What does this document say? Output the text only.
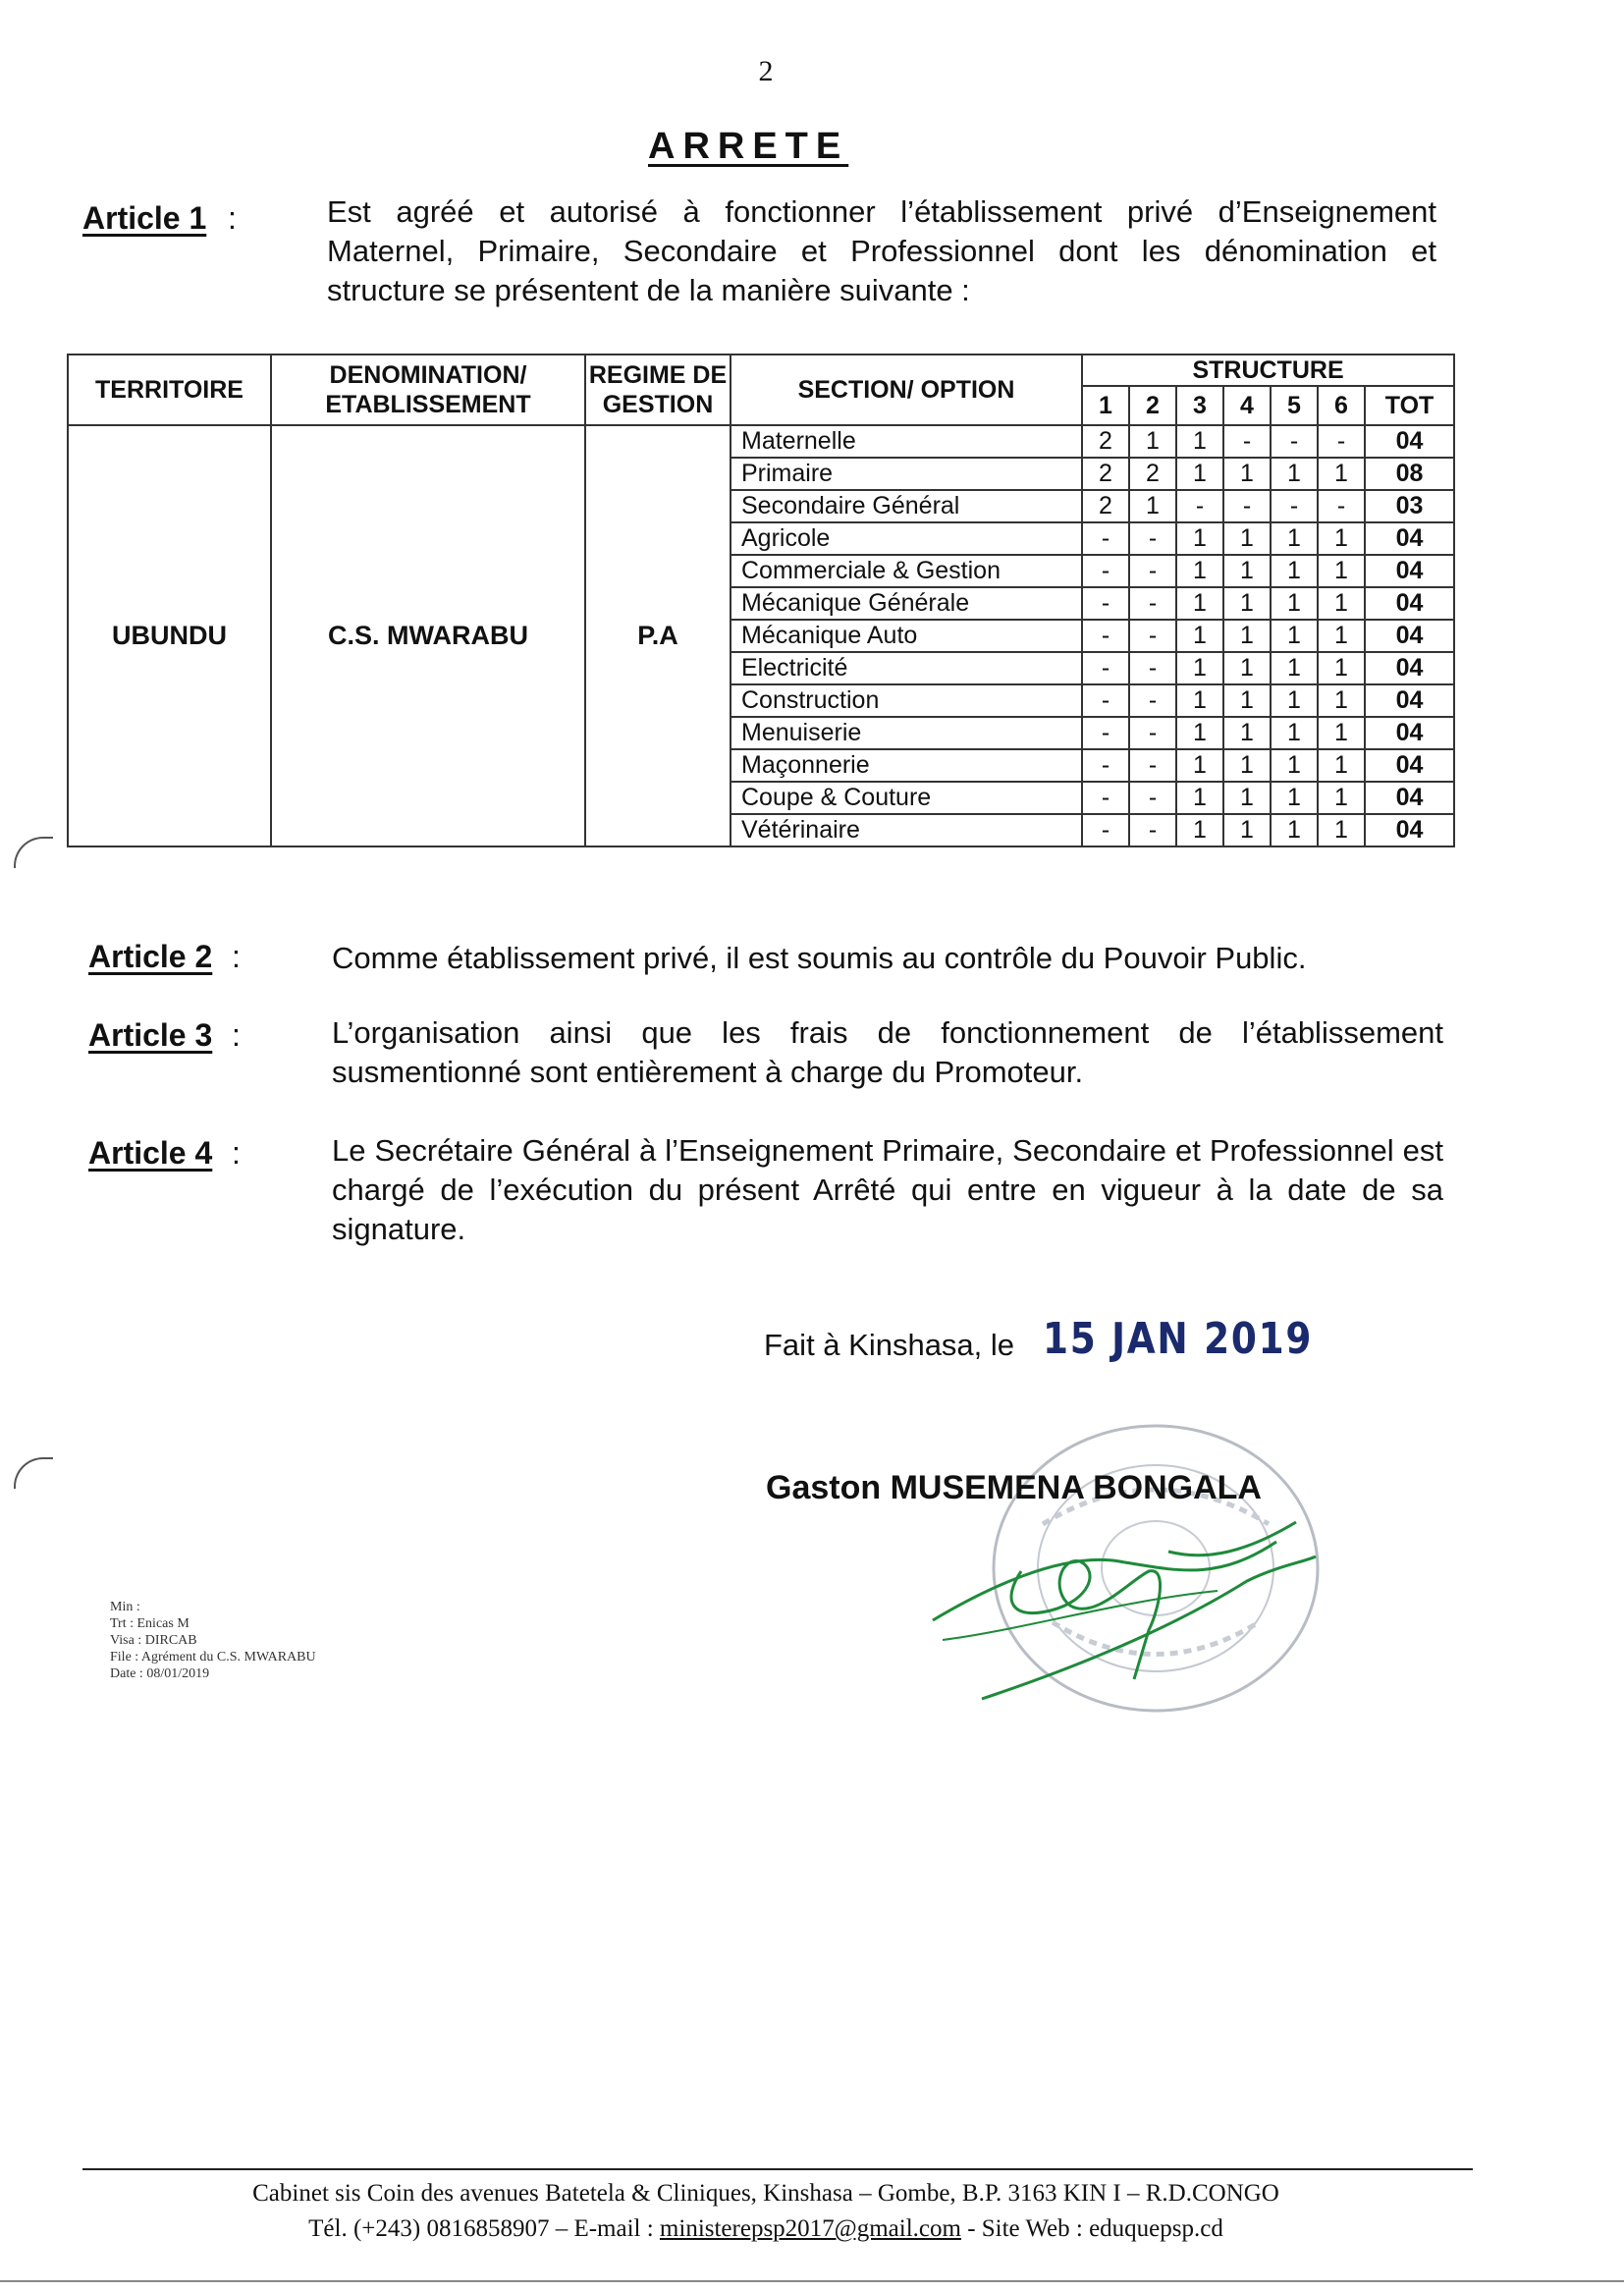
2
ARRETE
Article 1 :	Est agréé et autorisé à fonctionner l’établissement privé d’Enseignement Maternel, Primaire, Secondaire et Professionnel dont les dénomination et structure se présentent de la manière suivante :
TERRITOIRE	DENOMINATION/ ETABLISSEMENT	REGIME DE GESTION	SECTION/ OPTION	STRUCTURE						
				1	2	3	4	5	6	TOT
UBUNDU	C.S. MWARABU	P.A	Maternelle	2	1	1	-	-	-	04
			Primaire	2	2	1	1	1	1	08
			Secondaire Général	2	1	-	-	-	-	03
			Agricole	-	-	1	1	1	1	04
			Commerciale & Gestion	-	-	1	1	1	1	04
			Mécanique Générale	-	-	1	1	1	1	04
			Mécanique Auto	-	-	1	1	1	1	04
			Electricité	-	-	1	1	1	1	04
			Construction	-	-	1	1	1	1	04
			Menuiserie	-	-	1	1	1	1	04
			Maçonnerie	-	-	1	1	1	1	04
			Coupe & Couture	-	-	1	1	1	1	04
			Vétérinaire	-	-	1	1	1	1	04
Article 2 :	Comme établissement privé, il est soumis au contrôle du Pouvoir Public.
Article 3 :	L’organisation ainsi que les frais de fonctionnement de l’établissement susmentionné sont entièrement à charge du Promoteur.
Article 4 :	Le Secrétaire Général à l’Enseignement Primaire, Secondaire et Professionnel est chargé de l’exécution du présent Arrêté qui entre en vigueur à la date de sa signature.
Fait à Kinshasa, le 15 JAN 2019
Gaston MUSEMENA BONGALA
Min :
Trt : Enicas M
Visa : DIRCAB
File : Agrément du C.S. MWARABU
Date : 08/01/2019
Cabinet sis Coin des avenues Batetela & Cliniques, Kinshasa – Gombe, B.P. 3163 KIN I – R.D.CONGO
Tél. (+243) 0816858907 – E-mail : ministerepsp2017@gmail.com - Site Web : eduquepsp.cd
